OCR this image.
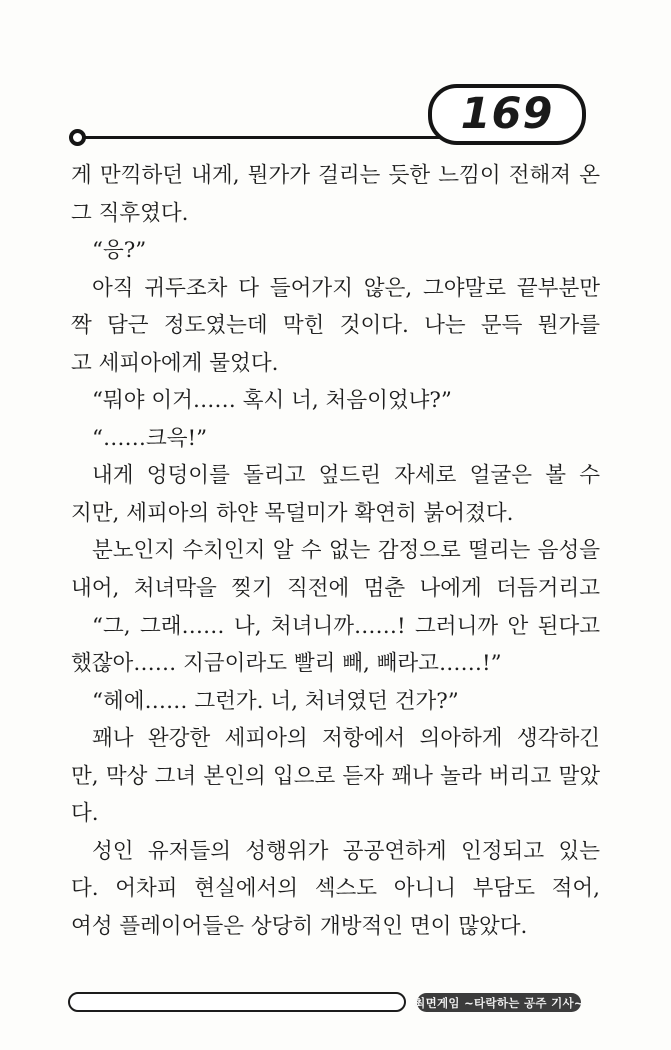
169
게 만끽하던 내게, 뭔가가 걸리는 듯한 느낌이 전해져 온
그 직후였다.
“응?”
아직 귀두조차 다 들어가지 않은, 그야말로 끝부분만
짝 담근 정도였는데 막힌 것이다. 나는 문득 뭔가를
고 세피아에게 물었다.
“뭐야 이거…… 혹시 너, 처음이었냐?”
“……크윽!”
내게 엉덩이를 돌리고 엎드린 자세로 얼굴은 볼 수
지만, 세피아의 하얀 목덜미가 확연히 붉어졌다.
분노인지 수치인지 알 수 없는 감정으로 떨리는 음성을
내어, 처녀막을 찢기 직전에 멈춘 나에게 더듬거리고
“그, 그래…… 나, 처녀니까……! 그러니까 안 된다고
했잖아…… 지금이라도 빨리 빼, 빼라고……!”
“헤에…… 그런가. 너, 처녀였던 건가?”
꽤나 완강한 세피아의 저항에서 의아하게 생각하긴
만, 막상 그녀 본인의 입으로 듣자 꽤나 놀라 버리고 말았
다.
성인 유저들의 성행위가 공공연하게 인정되고 있는
다. 어차피 현실에서의 섹스도 아니니 부담도 적어,
여성 플레이어들은 상당히 개방적인 면이 많았다.
최면게임 ~타락하는 공주 기사~
